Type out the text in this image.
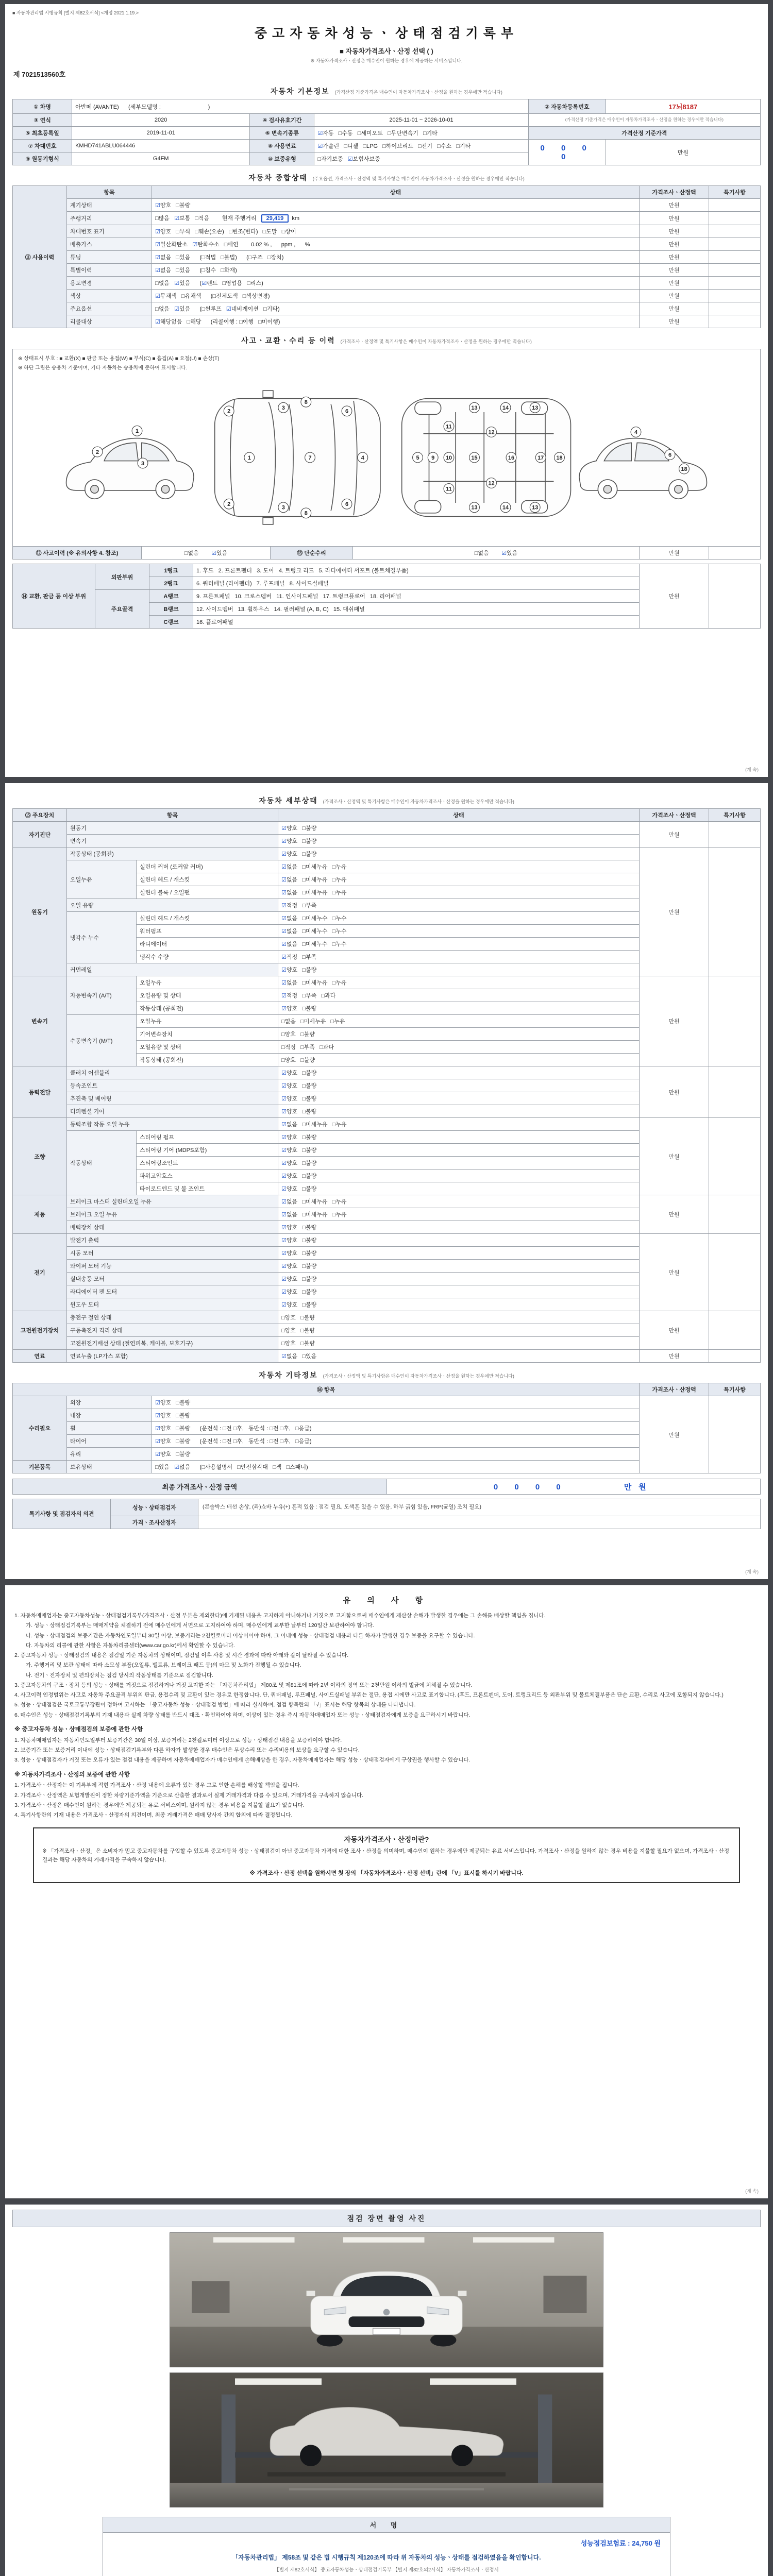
■ 자동차관리법 시행규칙 [별지 제82호서식] <개정 2021.1.19.>
중고자동차성능ㆍ상태점검기록부
■ 자동차가격조사ㆍ산정 선택 ( )
※ 자동차가격조사ㆍ산정은 매수인이 원하는 경우에 제공하는 서비스입니다.
제 7021513560호
자동차 기본정보 (가격산정 기준가격은 매수인이 자동차가격조사ㆍ산정을 원하는 경우에만 적습니다)
① 차명	아반떼 (AVANTE)      (세부모델명 :                              )			② 자동차등록번호	17뇌8187
③ 연식	2020	④ 검사유효기간	2025-11-01 ~ 2026-10-01	(가격산정 기준가격은 매수인이 자동차가격조사ㆍ산정을 원하는 경우에만 적습니다)	
⑤ 최초등록일	2019-11-01	⑥ 변속기종류	☑자동   □수동   □세미오토   □무단변속기   □기타	가격산정 기준가격	
⑦ 차대번호	KMHD741ABLU064446	⑧ 사용연료	☑가솔린   □디젤   □LPG   □하이브리드   □전기   □수소   □기타	0 0 0 0	만원
⑨ 원동기형식	G4FM	⑩ 보증유형	□자기보증   ☑보험사보증		
자동차 종합상태 (주요옵션, 가격조사ㆍ산정액 및 특기사항은 매수인이 자동차가격조사ㆍ산정을 원하는 경우에만 적습니다)
⑪ 사용이력	항목	상태	가격조사ㆍ산정액	특기사항
	계기상태	☑양호   □불량	만원	
	주행거리	□많음   ☑보통   □적음        현재 주행거리  29,419 km	만원	
	차대번호 표기	☑양호   □부식   □훼손(오손)   □변조(변타)   □도말   □상이	만원	
	배출가스	☑일산화탄소   ☑탄화수소   □매연        0.02 % ,      ppm ,      %	만원	
	튜닝	☑없음   □있음      (□적법   □불법)      (□구조   □장치)	만원	
	특별이력	☑없음   □있음      (□침수   □화재)	만원	
	용도변경	□없음   ☑있음      (☑렌트   □영업용   □리스)	만원	
	색상	☑무채색   □유채색      (□전체도색   □색상변경)	만원	
	주요옵션	□없음   ☑있음      (□썬루프   ☑네비게이션   □기타)	만원	
	리콜대상	☑해당없음   □해당      (리콜이행 : □이행   □미이행)	만원	
사고ㆍ교환ㆍ수리 등 이력 (가격조사ㆍ산정액 및 특기사항은 매수인이 자동차가격조사ㆍ산정을 원하는 경우에만 적습니다)
※ 상태표시 부호 : ■ 교환(X) ■ 판금 또는 용접(W) ■ 부식(C) ■ 흠집(A) ■ 요철(U) ■ 손상(T)
※ 하단 그림은 승용차 기준이며, 기타 자동차는 승용차에 준하여 표시합니다.
1
2
3
2
2
1
3
3
8
8
7
6
6
4	5 9 10
11
11
13
13
12
12
15
14
14
16
13
13
17 18
4
6
18
⑫ 사고이력 (※ 유의사항 4. 참조)	□없음        ☑있음	⑬ 단순수리	□없음        ☑있음	만원	
⑭ 교환, 판금 등 이상 부위	외판부위	1랭크	1. 후드   2. 프론트펜더   3. 도어   4. 트렁크 리드   5. 라디에이터 서포트 (볼트체결부품)	만원	
		2랭크	6. 쿼터패널 (리어펜더)   7. 루프패널   8. 사이드실패널		
	주요골격	A랭크	9. 프론트패널   10. 크로스멤버   11. 인사이드패널   17. 트렁크플로어   18. 리어패널		
		B랭크	12. 사이드멤버   13. 휠하우스   14. 필러패널 (A, B, C)   15. 대쉬패널		
		C랭크	16. 플로어패널		
(계 속)
자동차 세부상태 (가격조사ㆍ산정액 및 특기사항은 매수인이 자동차가격조사ㆍ산정을 원하는 경우에만 적습니다)
⑮ 주요장치	항목		상태	가격조사ㆍ산정액	특기사항
자기진단	원동기		☑양호   □불량	만원	
	변속기		☑양호   □불량		
원동기	작동상태 (공회전)		☑양호   □불량	만원	
	오일누유	실린더 커버 (로커암 커버)	☑없음   □미세누유   □누유		
		실린더 헤드 / 개스킷	☑없음   □미세누유   □누유		
		실린더 블록 / 오일팬	☑없음   □미세누유   □누유		
	오일 유량		☑적정   □부족		
	냉각수 누수	실린더 헤드 / 개스킷	☑없음   □미세누수   □누수		
		워터펌프	☑없음   □미세누수   □누수		
		라디에이터	☑없음   □미세누수   □누수		
		냉각수 수량	☑적정   □부족		
	커먼레일		☑양호   □불량		
변속기	자동변속기 (A/T)	오일누유	☑없음   □미세누유   □누유	만원	
		오일유량 및 상태	☑적정   □부족   □과다		
		작동상태 (공회전)	☑양호   □불량		
	수동변속기 (M/T)	오일누유	□없음   □미세누유   □누유		
		기어변속장치	□양호   □불량		
		오일유량 및 상태	□적정   □부족   □과다		
		작동상태 (공회전)	□양호   □불량		
동력전달	클러치 어셈블리		☑양호   □불량	만원	
	등속조인트		☑양호   □불량		
	추진축 및 베어링		☑양호   □불량		
	디퍼렌셜 기어		☑양호   □불량		
조향	동력조향 작동 오일 누유		☑없음   □미세누유   □누유	만원	
	작동상태	스티어링 펌프	☑양호   □불량		
		스티어링 기어 (MDPS포함)	☑양호   □불량		
		스티어링조인트	☑양호   □불량		
		파워고압호스	☑양호   □불량		
		타이로드엔드 및 볼 조인트	☑양호   □불량		
제동	브레이크 마스터 실린더오일 누유		☑없음   □미세누유   □누유	만원	
	브레이크 오일 누유		☑없음   □미세누유   □누유		
	배력장치 상태		☑양호   □불량		
전기	발전기 출력		☑양호   □불량	만원	
	시동 모터		☑양호   □불량		
	와이퍼 모터 기능		☑양호   □불량		
	실내송풍 모터		☑양호   □불량		
	라디에이터 팬 모터		☑양호   □불량		
	윈도우 모터		☑양호   □불량		
고전원전기장치	충전구 절연 상태		□양호   □불량	만원	
	구동축전지 격리 상태		□양호   □불량		
	고전원전기배선 상태 (절연피복, 케이블, 보호기구)		□양호   □불량		
연료	연료누출 (LP가스 포함)		☑없음   □있음	만원	
자동차 기타정보 (가격조사ㆍ산정액 및 특기사항은 매수인이 자동차가격조사ㆍ산정을 원하는 경우에만 적습니다)
⑯ 항목			가격조사ㆍ산정액	특기사항
수리필요	외장	☑양호   □불량	만원	
	내장	☑양호   □불량		
	휠	☑양호   □불량      (운전석 : □전 □후,   동반석 : □전 □후,   □응급)		
	타이어	☑양호   □불량      (운전석 : □전 □후,   동반석 : □전 □후,   □응급)		
	유리	☑양호   □불량		
기본품목	보유상태	□있음   ☑없음      (□사용설명서   □안전삼각대   □잭   □스패너)		
최종 가격조사ㆍ산정 금액	0 0 0 0      만원
특기사항 및 점검자의 의견	성능ㆍ상태점검자	(콘솔박스 배선 손상, (좌)쇼바 누유(+) 흔적 있음 : 점검 필요, 도색흔 있을 수 있음, 하부 긁힘 있음, FRP(균열) 조치 필요)
	가격ㆍ조사산정자	
(계 속)
유 의 사 항
1. 자동차매매업자는 중고자동차성능ㆍ상태점검기록부(가격조사ㆍ산정 부분은 제외한다)에 기재된 내용을 고지하지 아니하거나 거짓으로 고지함으로써 매수인에게 재산상 손해가 발생한 경우에는 그 손해를 배상할 책임을 집니다.
가. 성능ㆍ상태점검기록부는 매매계약을 체결하기 전에 매수인에게 서면으로 고지하여야 하며, 매수인에게 교부한 날부터 120일간 보관하여야 합니다.
나. 성능ㆍ상태점검의 보증기간은 자동차인도일부터 30일 이상, 보증거리는 2천킬로미터 이상이어야 하며, 그 이내에 성능ㆍ상태점검 내용과 다른 하자가 발생한 경우 보증을 요구할 수 있습니다.
다. 자동차의 리콜에 관한 사항은 자동차리콜센터(www.car.go.kr)에서 확인할 수 있습니다.
2. 중고자동차 성능ㆍ상태점검의 내용은 점검일 기준 자동차의 상태이며, 점검일 이후 사용 및 시간 경과에 따라 아래와 같이 달라질 수 있습니다.
가. 주행거리 및 보관 상태에 따라 소모성 부품(오일류, 벨트류, 브레이크 패드 등)의 마모 및 노화가 진행될 수 있습니다.
나. 전기ㆍ전자장치 및 편의장치는 점검 당시의 작동상태를 기준으로 점검합니다.
3. 중고자동차의 구조ㆍ장치 등의 성능ㆍ상태를 거짓으로 점검하거나 거짓 고지한 자는 「자동차관리법」 제80조 및 제81조에 따라 2년 이하의 징역 또는 2천만원 이하의 벌금에 처해질 수 있습니다.
4. 사고이력 인정범위는 사고로 자동차 주요골격 부위의 판금, 용접수리 및 교환이 있는 경우로 한정합니다. 단, 쿼터패널, 루프패널, 사이드실패널 부위는 절단, 용접 시에만 사고로 표기합니다. (후드, 프론트펜더, 도어, 트렁크리드 등 외판부위 및 볼트체결부품은 단순 교환, 수리로 사고에 포함되지 않습니다.)
5. 성능ㆍ상태점검은 국토교통부장관이 정하여 고시하는 「중고자동차 성능ㆍ상태점검 방법」에 따라 실시하며, 점검 항목란의 「√」표시는 해당 항목의 상태를 나타냅니다.
6. 매수인은 성능ㆍ상태점검기록부의 기재 내용과 실제 차량 상태를 반드시 대조ㆍ확인하여야 하며, 이상이 있는 경우 즉시 자동차매매업자 또는 성능ㆍ상태점검자에게 보증을 요구하시기 바랍니다.
※ 중고자동차 성능ㆍ상태점검의 보증에 관한 사항
1. 자동차매매업자는 자동차인도일부터 보증기간은 30일 이상, 보증거리는 2천킬로미터 이상으로 성능ㆍ상태점검 내용을 보증하여야 합니다.
2. 보증기간 또는 보증거리 이내에 성능ㆍ상태점검기록부와 다른 하자가 발생한 경우 매수인은 무상수리 또는 수리비용의 보상을 요구할 수 있습니다.
3. 성능ㆍ상태점검자가 거짓 또는 오류가 있는 점검 내용을 제공하여 자동차매매업자가 매수인에게 손해배상을 한 경우, 자동차매매업자는 해당 성능ㆍ상태점검자에게 구상권을 행사할 수 있습니다.
※ 자동차가격조사ㆍ산정의 보증에 관한 사항
1. 가격조사ㆍ산정자는 이 기록부에 적힌 가격조사ㆍ산정 내용에 오류가 있는 경우 그로 인한 손해를 배상할 책임을 집니다.
2. 가격조사ㆍ산정액은 보험개발원이 정한 차량기준가액을 기준으로 산출한 결과로서 실제 거래가격과 다를 수 있으며, 거래가격을 구속하지 않습니다.
3. 가격조사ㆍ산정은 매수인이 원하는 경우에만 제공되는 유료 서비스이며, 원하지 않는 경우 비용을 지불할 필요가 없습니다.
4. 특기사항란의 기재 내용은 가격조사ㆍ산정자의 의견이며, 최종 거래가격은 매매 당사자 간의 합의에 따라 결정됩니다.
자동차가격조사ㆍ산정이란?
※ 「가격조사ㆍ산정」은 소비자가 믿고 중고자동차를 구입할 수 있도록 중고자동차 성능ㆍ상태점검이 아닌 중고자동차 가격에 대한 조사ㆍ산정을 의미하며, 매수인이 원하는 경우에만 제공되는 유료 서비스입니다. 가격조사ㆍ산정을 원하지 않는 경우 비용을 지불할 필요가 없으며, 가격조사ㆍ산정 결과는 해당 자동차의 거래가격을 구속하지 않습니다.
※ 가격조사ㆍ산정 선택을 원하시면 첫 장의 「자동차가격조사ㆍ산정 선택」란에 「V」표시를 하시기 바랍니다.
(계 속)
점검 장면 촬영 사진
서 명
성능점검보험료 : 24,750 원
「자동차관리법」 제58조 및 같은 법 시행규칙 제120조에 따라 위 자동차의 성능ㆍ상태를 점검하였음을 확인합니다.
【별지 제82호서식】 중고자동차성능ㆍ상태점검기록부 【별지 제82호의2서식】 자동차가격조사ㆍ산정서
